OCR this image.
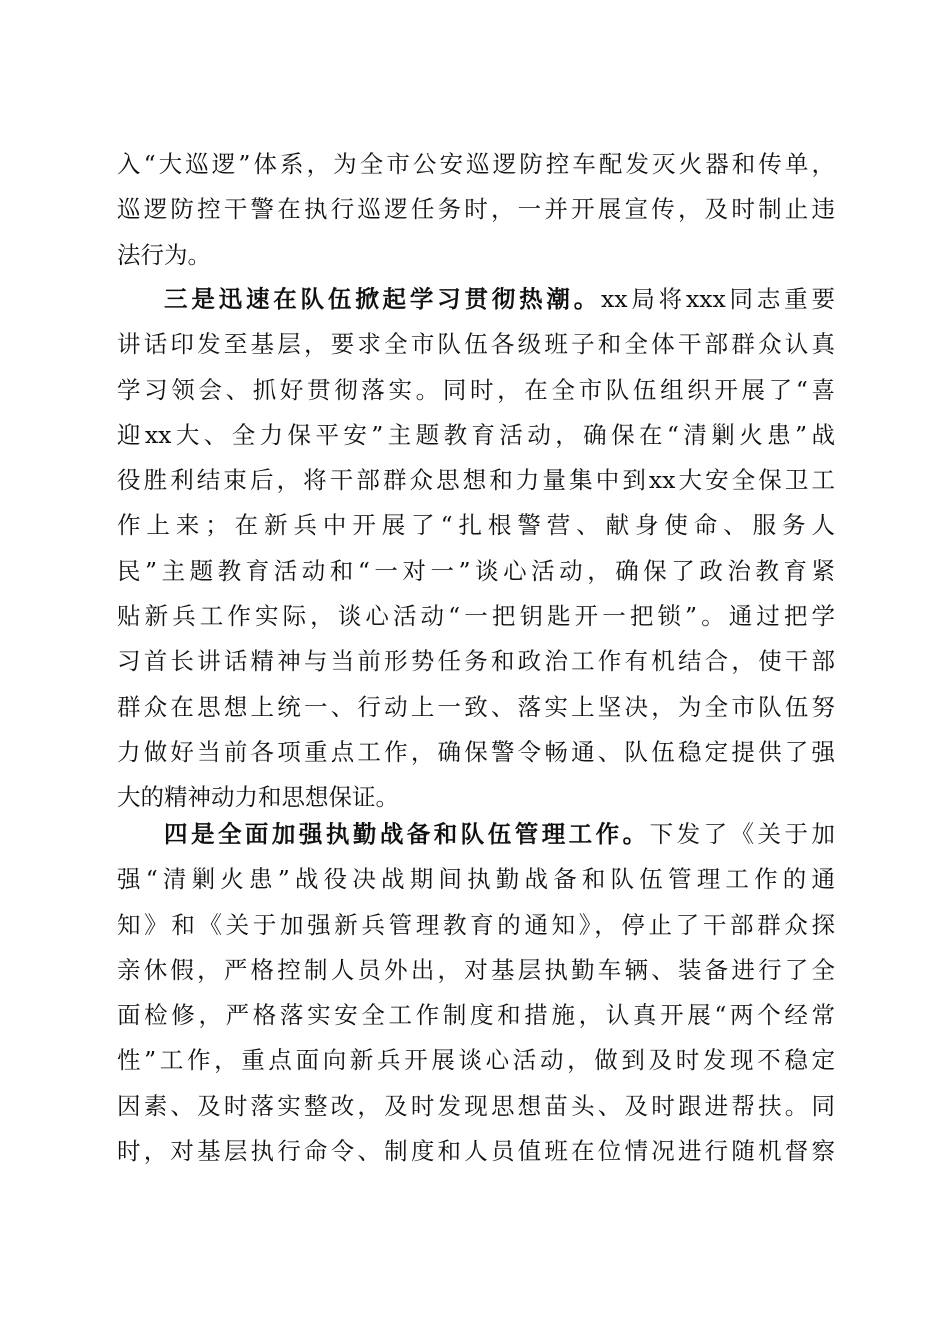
入“大巡逻”体系，为全市公安巡逻防控车配发灭火器和传单，
巡逻防控干警在执行巡逻任务时，一并开展宣传，及时制止违
法行为。
三是迅速在队伍掀起学习贯彻热潮。xx局将xxx同志重要
讲话印发至基层，要求全市队伍各级班子和全体干部群众认真
学习领会、抓好贯彻落实。同时，在全市队伍组织开展了“喜
迎xx大、全力保平安”主题教育活动，确保在“清剿火患”战
役胜利结束后，将干部群众思想和力量集中到xx大安全保卫工
作上来；在新兵中开展了“扎根警营、献身使命、服务人
民”主题教育活动和“一对一”谈心活动，确保了政治教育紧
贴新兵工作实际，谈心活动“一把钥匙开一把锁”。通过把学
习首长讲话精神与当前形势任务和政治工作有机结合，使干部
群众在思想上统一、行动上一致、落实上坚决，为全市队伍努
力做好当前各项重点工作，确保警令畅通、队伍稳定提供了强
大的精神动力和思想保证。
四是全面加强执勤战备和队伍管理工作。下发了《关于加
强“清剿火患”战役决战期间执勤战备和队伍管理工作的通
知》和《关于加强新兵管理教育的通知》，停止了干部群众探
亲休假，严格控制人员外出，对基层执勤车辆、装备进行了全
面检修，严格落实安全工作制度和措施，认真开展“两个经常
性”工作，重点面向新兵开展谈心活动，做到及时发现不稳定
因素、及时落实整改，及时发现思想苗头、及时跟进帮扶。同
时，对基层执行命令、制度和人员值班在位情况进行随机督察
